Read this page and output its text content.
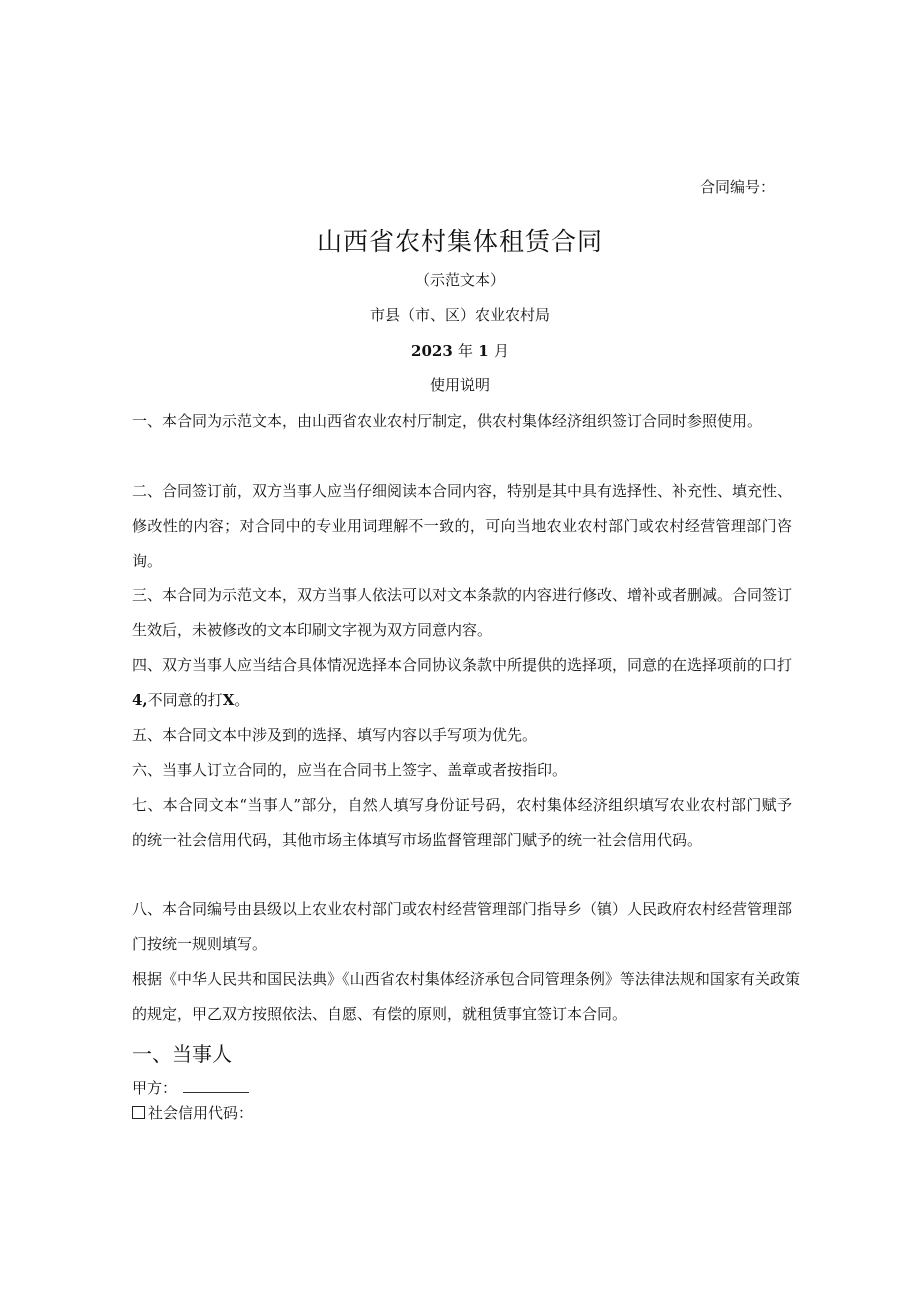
合同编号：
山西省农村集体租赁合同
（示范文本）
市县（市、区）农业农村局
2023 年 1 月
使用说明

一、本合同为示范文本，由山西省农业农村厅制定，供农村集体经济组织签订合同时参照使用。

二、合同签订前，双方当事人应当仔细阅读本合同内容，特别是其中具有选择性、补充性、填充性、修改性的内容；对合同中的专业用词理解不一致的，可向当地农业农村部门或农村经营管理部门咨询。

三、本合同为示范文本，双方当事人依法可以对文本条款的内容进行修改、增补或者删减。合同签订生效后，未被修改的文本印刷文字视为双方同意内容。

四、双方当事人应当结合具体情况选择本合同协议条款中所提供的选择项，同意的在选择项前的口打4,不同意的打X。

五、本合同文本中涉及到的选择、填写内容以手写项为优先。

六、当事人订立合同的，应当在合同书上签字、盖章或者按指印。

七、本合同文本“当事人”部分，自然人填写身份证号码，农村集体经济组织填写农业农村部门赋予的统一社会信用代码，其他市场主体填写市场监督管理部门赋予的统一社会信用代码。

八、本合同编号由县级以上农业农村部门或农村经营管理部门指导乡（镇）人民政府农村经营管理部门按统一规则填写。

根据《中华人民共和国民法典》《山西省农村集体经济承包合同管理条例》等法律法规和国家有关政策的规定，甲乙双方按照依法、自愿、有偿的原则，就租赁事宜签订本合同。

一、当事人
甲方：
社会信用代码：
